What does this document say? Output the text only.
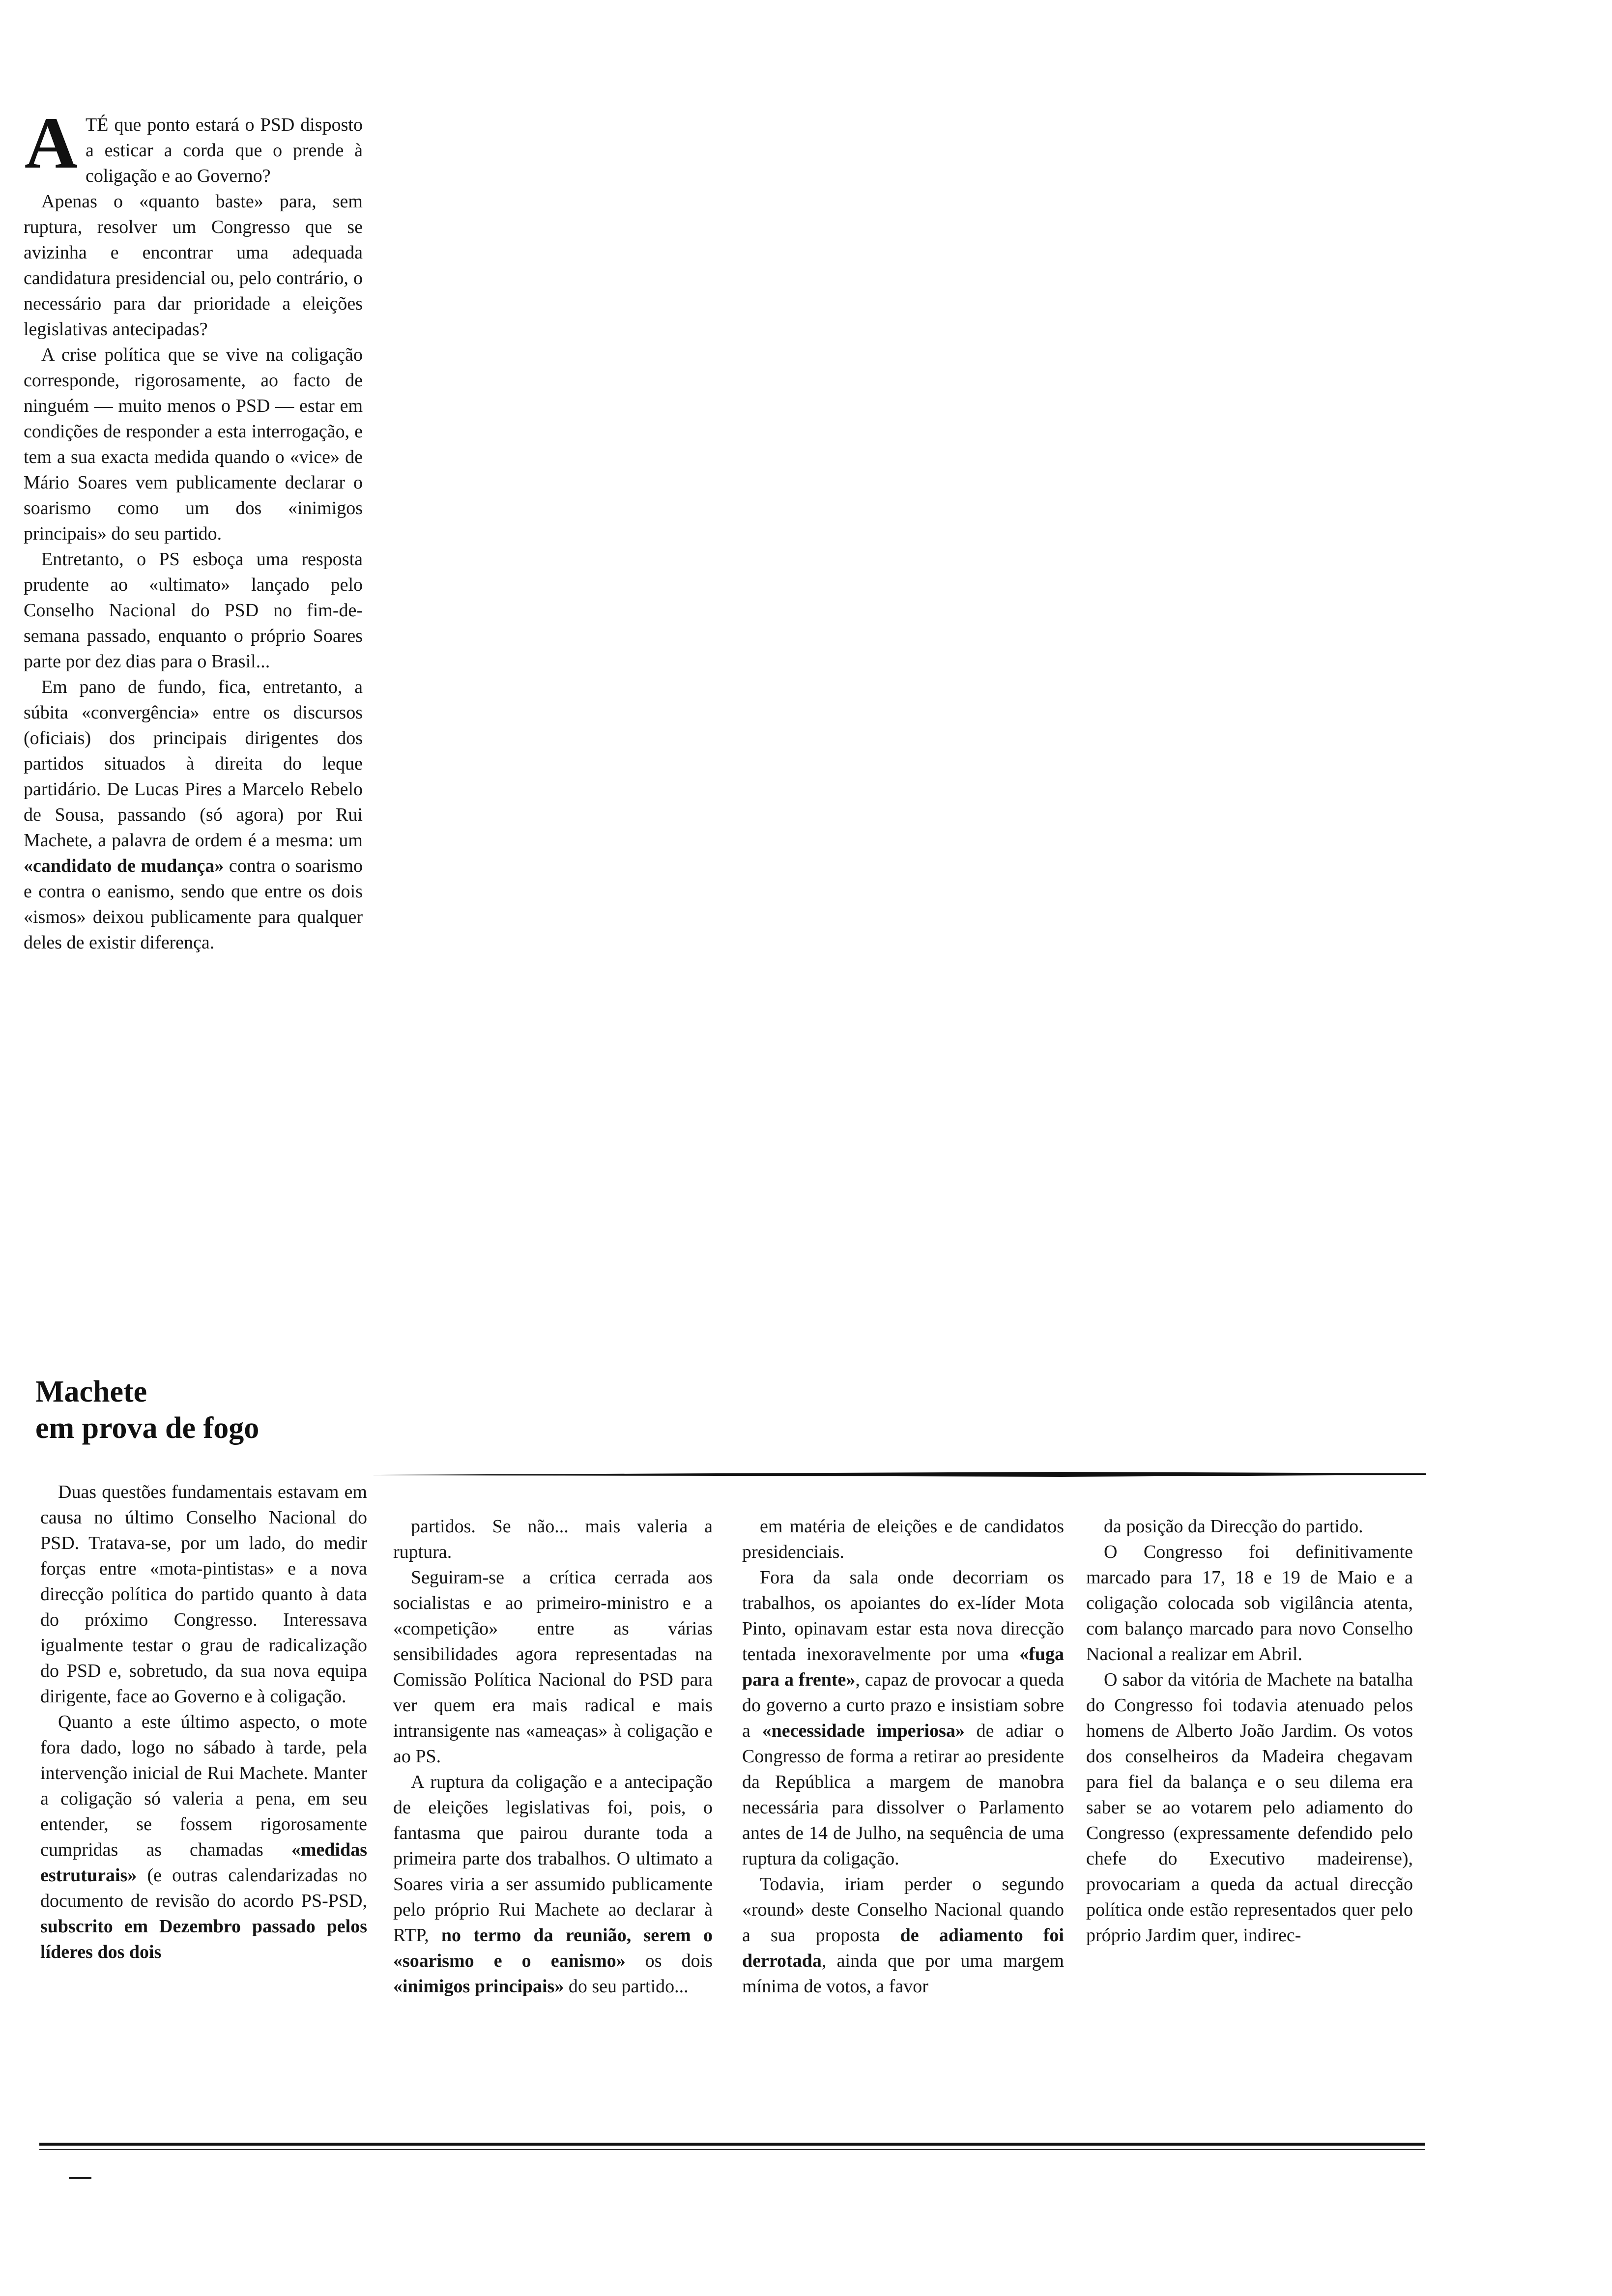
ATÉ que ponto estará o PSD disposto a esticar a corda que o prende à coligação e ao Governo?

Apenas o «quanto baste» para, sem ruptura, resolver um Congresso que se avizinha e encontrar uma adequada candidatura presidencial ou, pelo contrário, o necessário para dar prioridade a eleições legislativas antecipadas?

A crise política que se vive na coligação corresponde, rigorosamente, ao facto de ninguém — muito menos o PSD — estar em condições de responder a esta interrogação, e tem a sua exacta medida quando o «vice» de Mário Soares vem publicamente declarar o soarismo como um dos «inimigos principais» do seu partido.

Entretanto, o PS esboça uma resposta prudente ao «ultimato» lançado pelo Conselho Nacional do PSD no fim-de-semana passado, enquanto o próprio Soares parte por dez dias para o Brasil...

Em pano de fundo, fica, entretanto, a súbita «convergência» entre os discursos (oficiais) dos principais dirigentes dos partidos situados à direita do leque partidário. De Lucas Pires a Marcelo Rebelo de Sousa, passando (só agora) por Rui Machete, a palavra de ordem é a mesma: um «candidato de mudança» contra o soarismo e contra o eanismo, sendo que entre os dois «ismos» deixou publicamente para qualquer deles de existir diferença.

Machete
em prova de fogo

Duas questões fundamentais estavam em causa no último Conselho Nacional do PSD. Tratava-se, por um lado, do medir forças entre «mota-pintistas» e a nova direcção política do partido quanto à data do próximo Congresso. Interessava igualmente testar o grau de radicalização do PSD e, sobretudo, da sua nova equipa dirigente, face ao Governo e à coligação.

Quanto a este último aspecto, o mote fora dado, logo no sábado à tarde, pela intervenção inicial de Rui Machete. Manter a coligação só valeria a pena, em seu entender, se fossem rigorosamente cumpridas as chamadas «medidas estruturais» (e outras calendarizadas no documento de revisão do acordo PS-PSD, subscrito em Dezembro passado pelos líderes dos dois

partidos. Se não... mais valeria a ruptura.

Seguiram-se a crítica cerrada aos socialistas e ao primeiro-ministro e a «competição» entre as várias sensibilidades agora representadas na Comissão Política Nacional do PSD para ver quem era mais radical e mais intransigente nas «ameaças» à coligação e ao PS.

A ruptura da coligação e a antecipação de eleições legislativas foi, pois, o fantasma que pairou durante toda a primeira parte dos trabalhos. O ultimato a Soares viria a ser assumido publicamente pelo próprio Rui Machete ao declarar à RTP, no termo da reunião, serem o «soarismo e o eanismo» os dois «inimigos principais» do seu partido...

em matéria de eleições e de candidatos presidenciais.

Fora da sala onde decorriam os trabalhos, os apoiantes do ex-líder Mota Pinto, opinavam estar esta nova direcção tentada inexoravelmente por uma «fuga para a frente», capaz de provocar a queda do governo a curto prazo e insistiam sobre a «necessidade imperiosa» de adiar o Congresso de forma a retirar ao presidente da República a margem de manobra necessária para dissolver o Parlamento antes de 14 de Julho, na sequência de uma ruptura da coligação.

Todavia, iriam perder o segundo «round» deste Conselho Nacional quando a sua proposta de adiamento foi derrotada, ainda que por uma margem mínima de votos, a favor

da posição da Direcção do partido.

O Congresso foi definitivamente marcado para 17, 18 e 19 de Maio e a coligação colocada sob vigilância atenta, com balanço marcado para novo Conselho Nacional a realizar em Abril.

O sabor da vitória de Machete na batalha do Congresso foi todavia atenuado pelos homens de Alberto João Jardim. Os votos dos conselheiros da Madeira chegavam para fiel da balança e o seu dilema era saber se ao votarem pelo adiamento do Congresso (expressamente defendido pelo chefe do Executivo madeirense), provocariam a queda da actual direcção política onde estão representados quer pelo próprio Jardim quer, indirec-
